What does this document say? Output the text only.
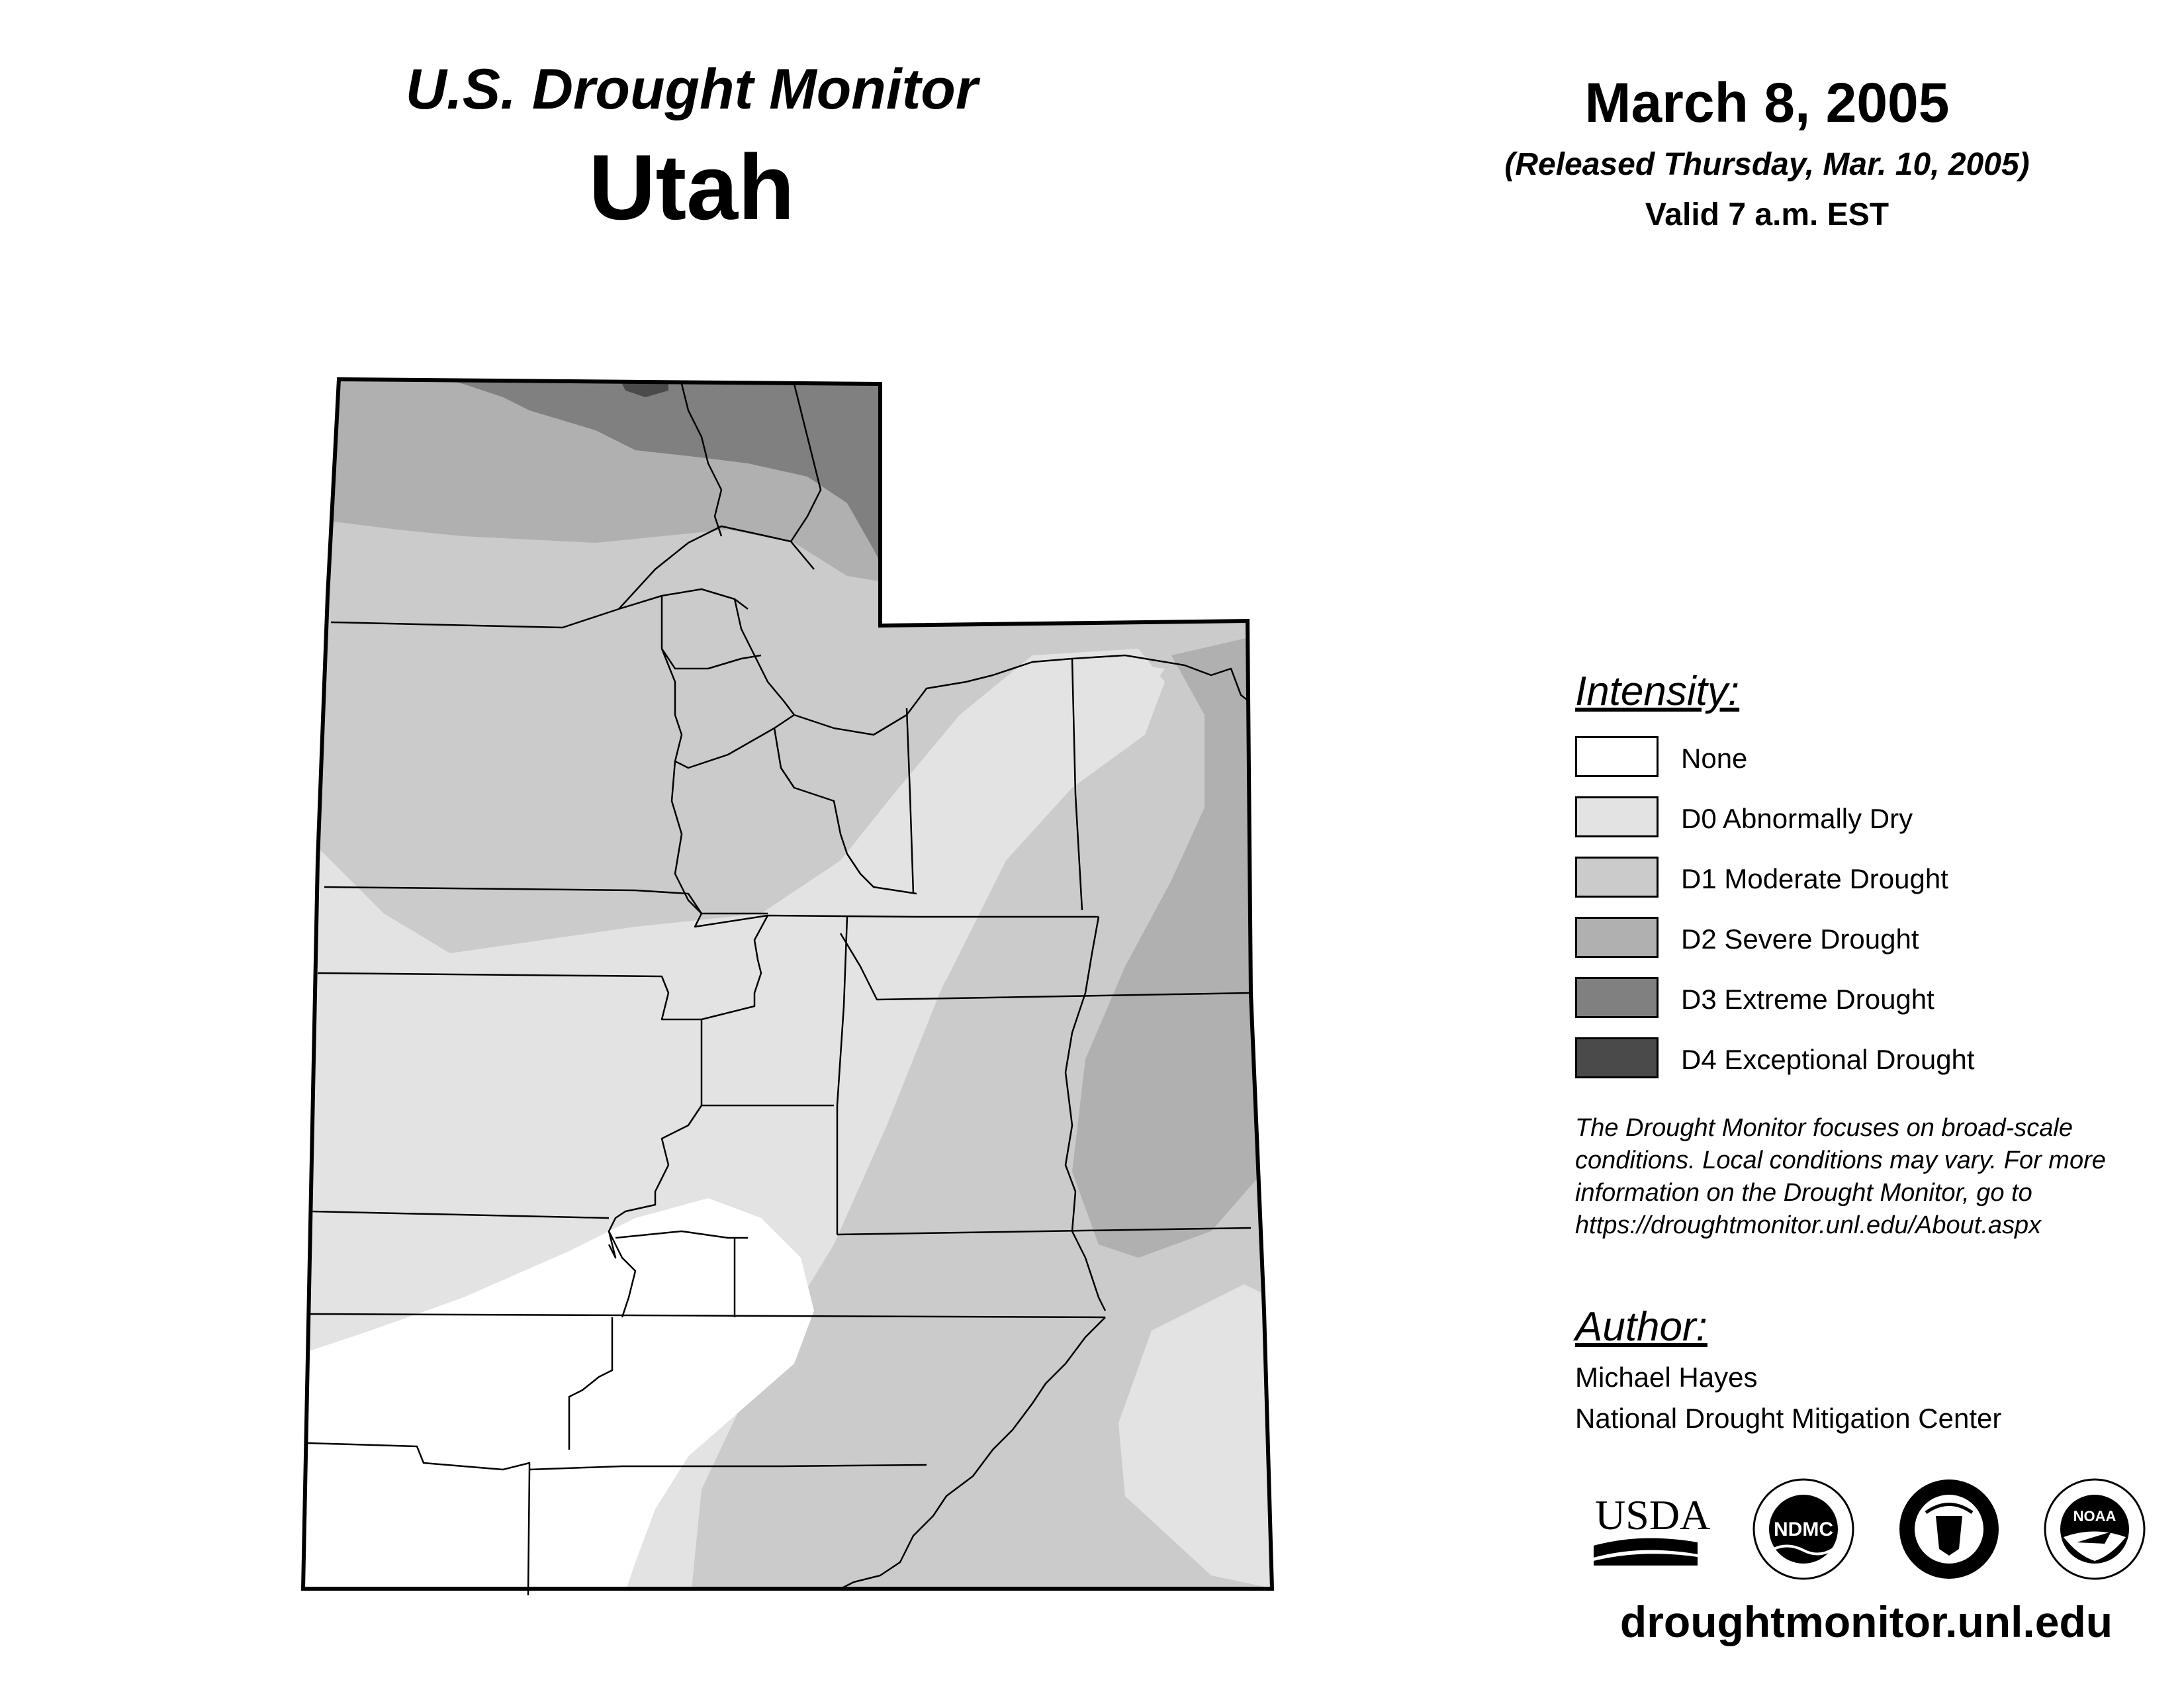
U.S. Drought Monitor
Utah
March 8, 2005
(Released Thursday, Mar. 10, 2005)
Valid 7 a.m. EST
Intensity:
None
D0 Abnormally Dry
D1 Moderate Drought
D2 Severe Drought
D3 Extreme Drought
D4 Exceptional Drought
The Drought Monitor focuses on broad-scale conditions. Local conditions may vary. For more information on the Drought Monitor, go to https://droughtmonitor.unl.edu/About.aspx
Author:
Michael Hayes
National Drought Mitigation Center
USDA	NDMC
NOAA
droughtmonitor.unl.edu
